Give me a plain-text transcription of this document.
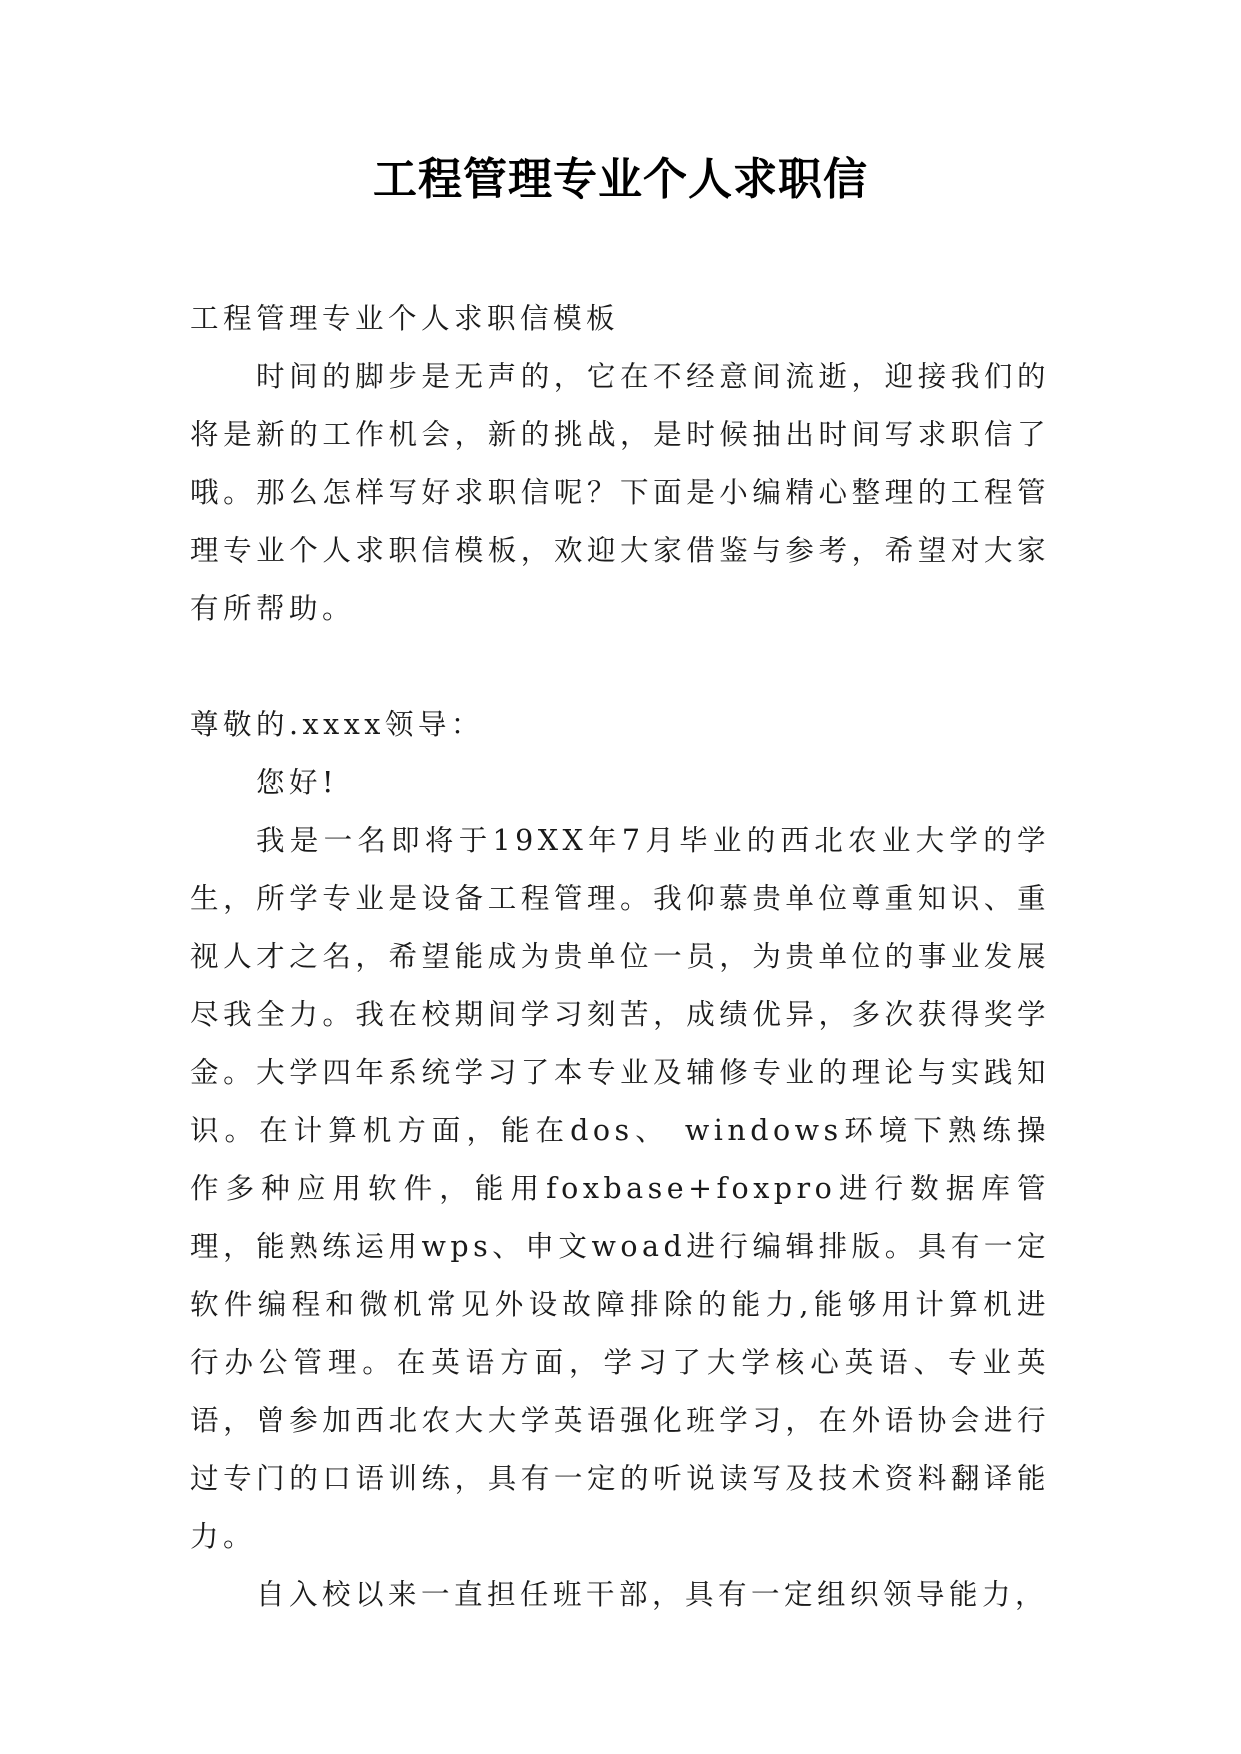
工程管理专业个人求职信

工程管理专业个人求职信模板

时间的脚步是无声的，它在不经意间流逝，迎接我们的将是新的工作机会，新的挑战，是时候抽出时间写求职信了哦。那么怎样写好求职信呢？下面是小编精心整理的工程管理专业个人求职信模板，欢迎大家借鉴与参考，希望对大家有所帮助。

尊敬的.xxxx领导：

您好!

我是一名即将于19XX年7月毕业的西北农业大学的学生，所学专业是设备工程管理。我仰慕贵单位尊重知识、重视人才之名，希望能成为贵单位一员，为贵单位的事业发展尽我全力。我在校期间学习刻苦，成绩优异，多次获得奖学金。大学四年系统学习了本专业及辅修专业的理论与实践知识。在计算机方面，能在dos、 windows环境下熟练操作多种应用软件，能用foxbase+foxpro进行数据库管理，能熟练运用wps、申文woad进行编辑排版。具有一定软件编程和微机常见外设故障排除的能力,能够用计算机进行办公管理。在英语方面，学习了大学核心英语、专业英语，曾参加西北农大大学英语强化班学习，在外语协会进行过专门的口语训练，具有一定的听说读写及技术资料翻译能力。

自入校以来一直担任班干部，具有一定组织领导能力，
